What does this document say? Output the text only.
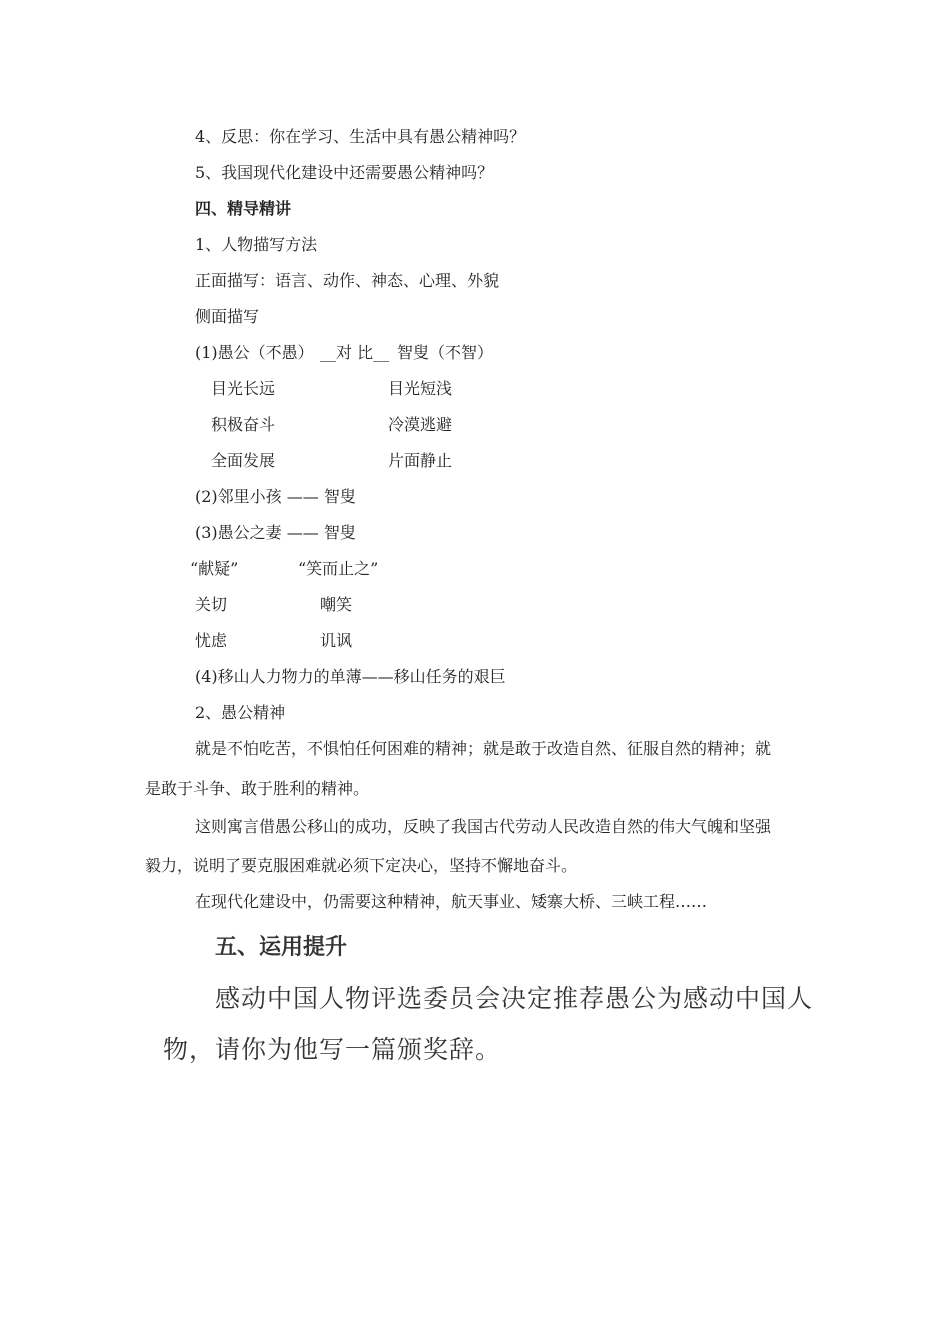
4、反思：你在学习、生活中具有愚公精神吗？
5、我国现代化建设中还需要愚公精神吗？
四、精导精讲
1、人物描写方法
正面描写：语言、动作、神态、心理、外貌
侧面描写
(1)愚公（不愚） __对 比__ 智叟（不智）
目光长远	目光短浅
积极奋斗	冷漠逃避
全面发展	片面静止
(2)邻里小孩 —— 智叟
(3)愚公之妻 —— 智叟
“献疑”	“笑而止之”
关切	嘲笑
忧虑	讥讽
(4)移山人力物力的单薄——移山任务的艰巨
2、愚公精神
就是不怕吃苦，不惧怕任何困难的精神；就是敢于改造自然、征服自然的精神；就
是敢于斗争、敢于胜利的精神。
这则寓言借愚公移山的成功，反映了我国古代劳动人民改造自然的伟大气魄和坚强
毅力，说明了要克服困难就必须下定决心，坚持不懈地奋斗。
在现代化建设中，仍需要这种精神，航天事业、矮寨大桥、三峡工程……
五、运用提升
感动中国人物评选委员会决定推荐愚公为感动中国人
物，请你为他写一篇颁奖辞。
